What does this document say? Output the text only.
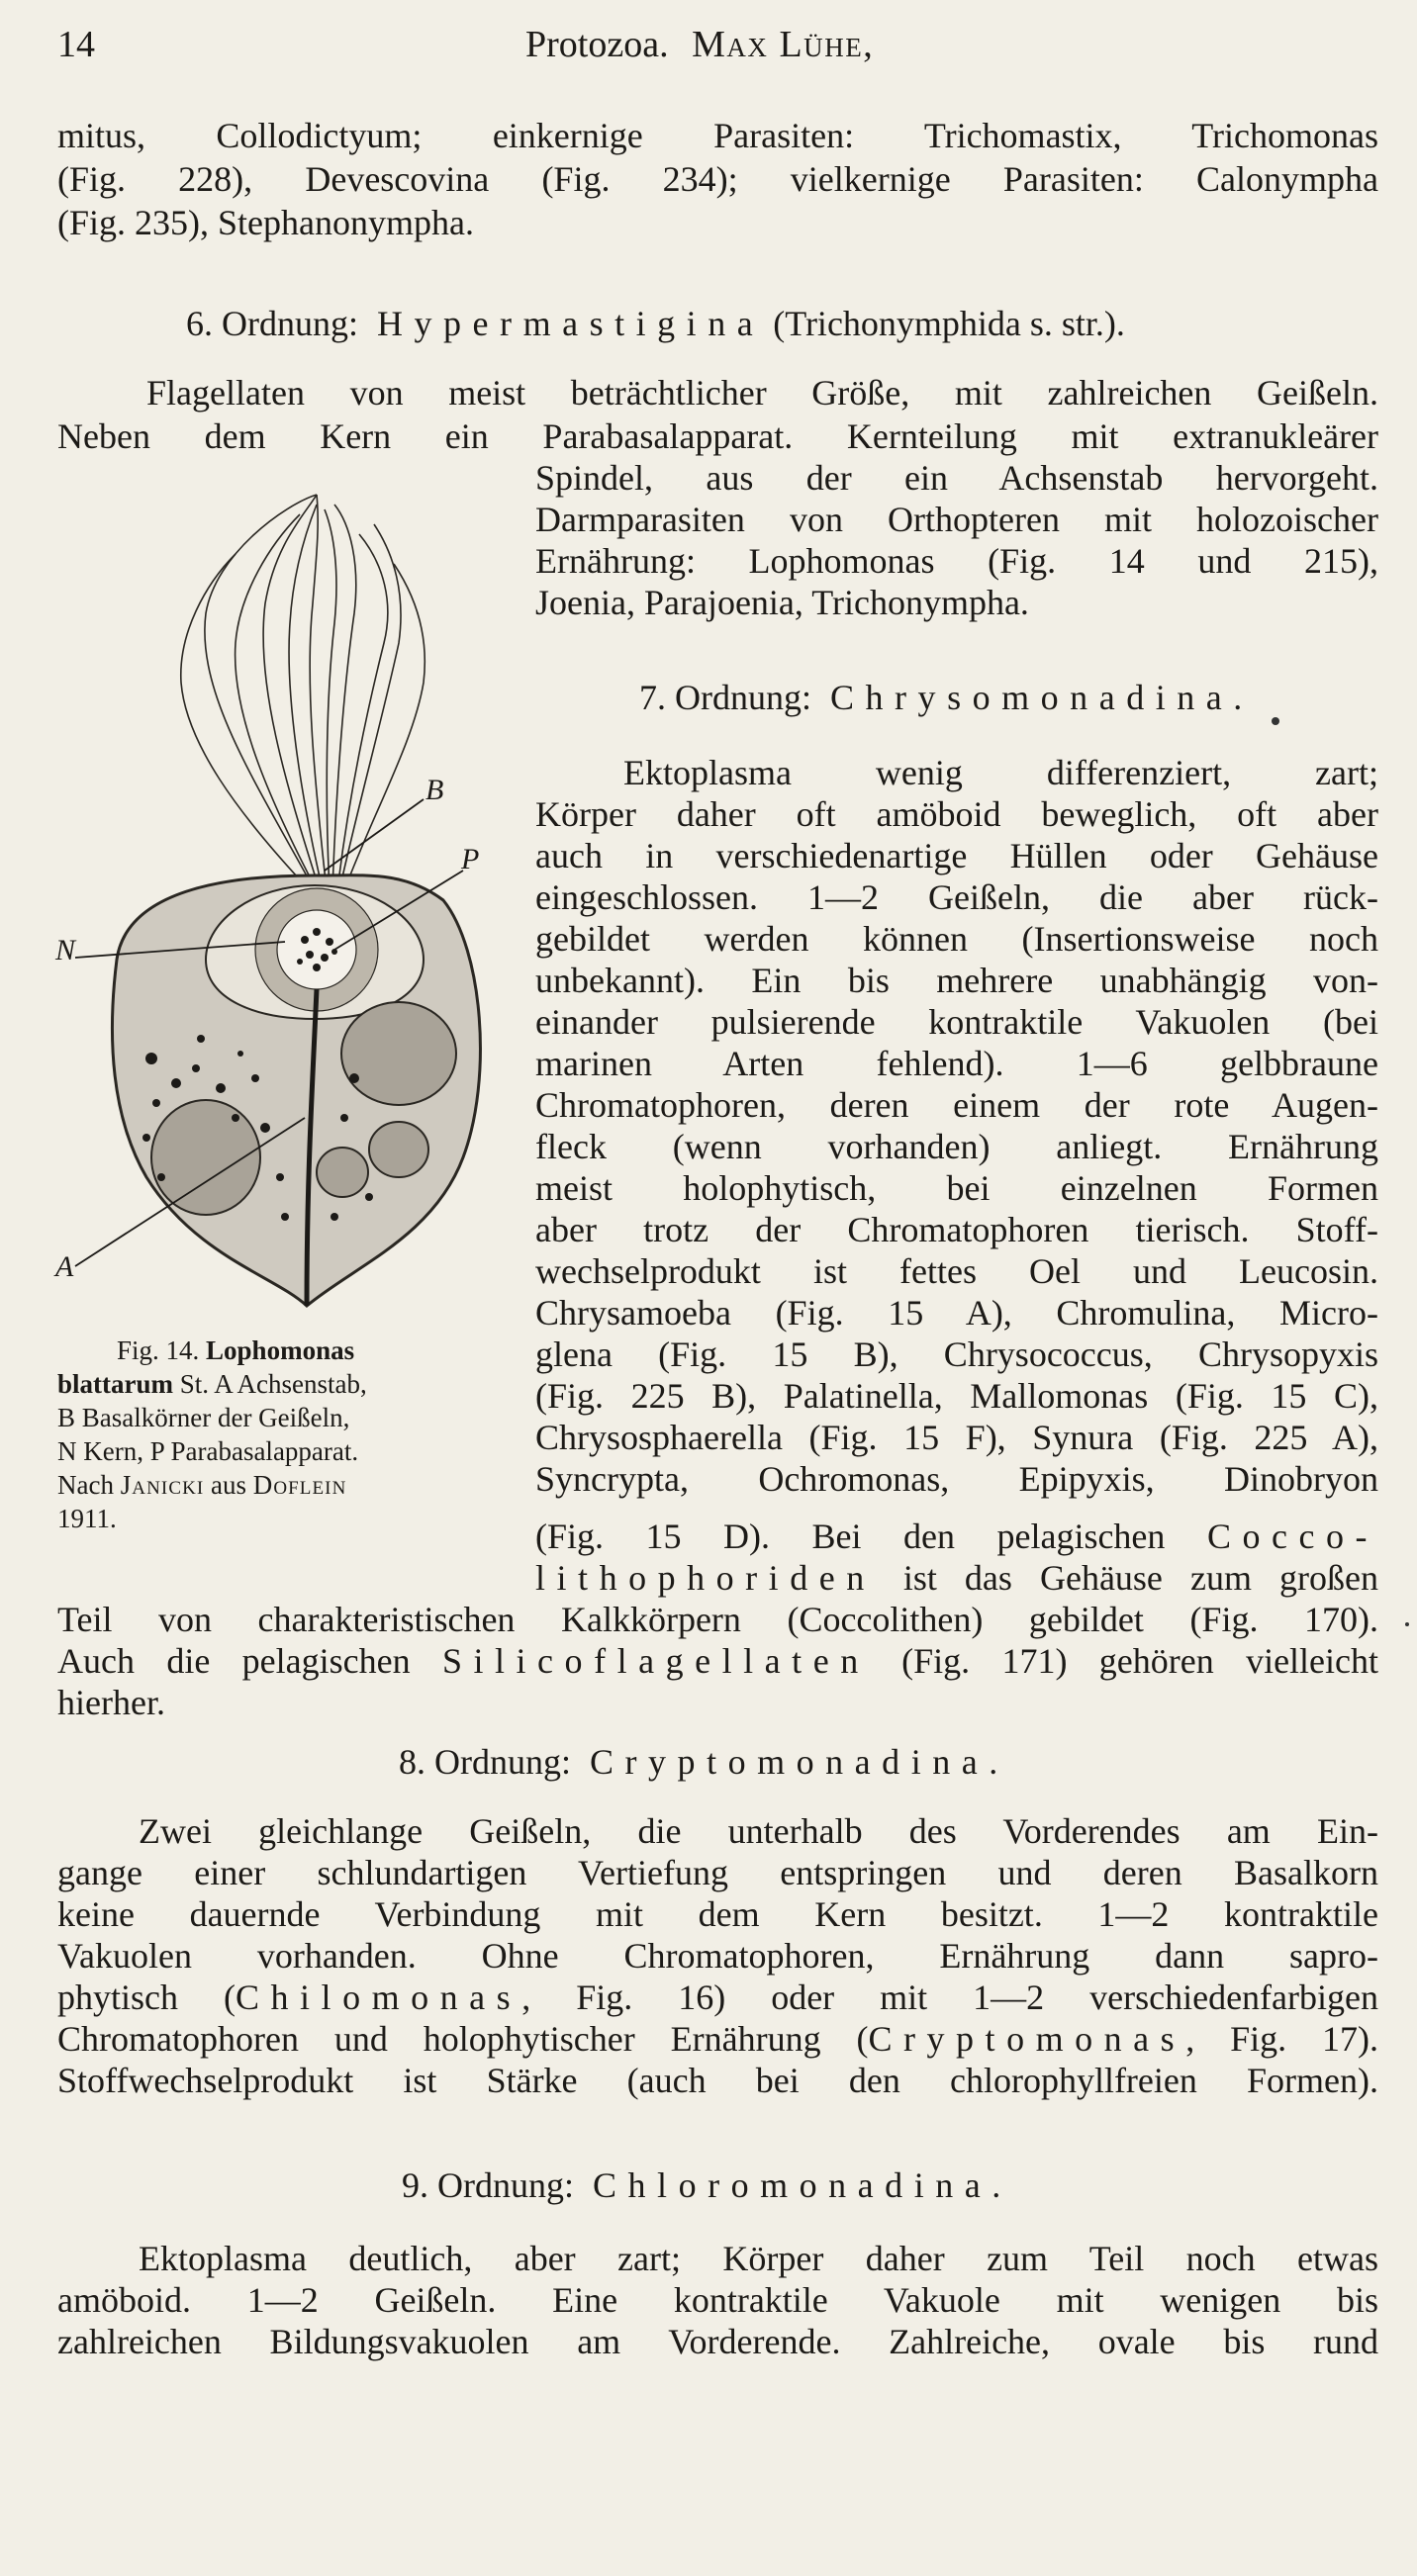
14	Protozoa. Max Lühe,
mitus, Collodictyum; einkernige Parasiten: Trichomastix, Trichomonas
(Fig. 228), Devescovina (Fig. 234); vielkernige Parasiten: Calonympha
(Fig. 235), Stephanonympha.
6. Ordnung: Hypermastigina (Trichonymphida s. str.).
Flagellaten von meist beträchtlicher Größe, mit zahlreichen Geißeln.
Neben dem Kern ein Parabasalapparat. Kernteilung mit extranukleärer
Spindel, aus der ein Achsenstab hervorgeht.
Darmparasiten von Orthopteren mit holozoischer
Ernährung: Lophomonas (Fig. 14 und 215),
Joenia, Parajoenia, Trichonympha.
7. Ordnung: Chrysomonadina.
Ektoplasma wenig differenziert, zart;
Körper daher oft amöboid beweglich, oft aber
auch in verschiedenartige Hüllen oder Gehäuse
eingeschlossen. 1—2 Geißeln, die aber rück-
gebildet werden können (Insertionsweise noch
unbekannt). Ein bis mehrere unabhängig von-
einander pulsierende kontraktile Vakuolen (bei
marinen Arten fehlend). 1—6 gelbbraune
Chromatophoren, deren einem der rote Augen-
fleck (wenn vorhanden) anliegt. Ernährung
meist holophytisch, bei einzelnen Formen
aber trotz der Chromatophoren tierisch. Stoff-
wechselprodukt ist fettes Oel und Leucosin.
Chrysamoeba (Fig. 15 A), Chromulina, Micro-
glena (Fig. 15 B), Chrysococcus, Chrysopyxis
(Fig. 225 B), Palatinella, Mallomonas (Fig. 15 C),
Chrysosphaerella (Fig. 15 F), Synura (Fig. 225 A),
Syncrypta, Ochromonas, Epipyxis, Dinobryon
(Fig. 15 D). Bei den pelagischen Cocco-
lithophoriden ist das Gehäuse zum großen
Teil von charakteristischen Kalkkörpern (Coccolithen) gebildet (Fig. 170).
Auch die pelagischen Silicoflagellaten (Fig. 171) gehören vielleicht
hierher.
8. Ordnung: Cryptomonadina.
Zwei gleichlange Geißeln, die unterhalb des Vorderendes am Ein-
gange einer schlundartigen Vertiefung entspringen und deren Basalkorn
keine dauernde Verbindung mit dem Kern besitzt. 1—2 kontraktile
Vakuolen vorhanden. Ohne Chromatophoren, Ernährung dann sapro-
phytisch (Chilomonas, Fig. 16) oder mit 1—2 verschiedenfarbigen
Chromatophoren und holophytischer Ernährung (Cryptomonas, Fig. 17).
Stoffwechselprodukt ist Stärke (auch bei den chlorophyllfreien Formen).
9. Ordnung: Chloromonadina.
Ektoplasma deutlich, aber zart; Körper daher zum Teil noch etwas
amöboid. 1—2 Geißeln. Eine kontraktile Vakuole mit wenigen bis
zahlreichen Bildungsvakuolen am Vorderende. Zahlreiche, ovale bis rund
B
P
N
A
Fig. 14. Lophomonas
blattarum St. A Achsenstab,
B Basalkörner der Geißeln,
N Kern, P Parabasalapparat.
Nach Janicki aus Doflein
1911.
